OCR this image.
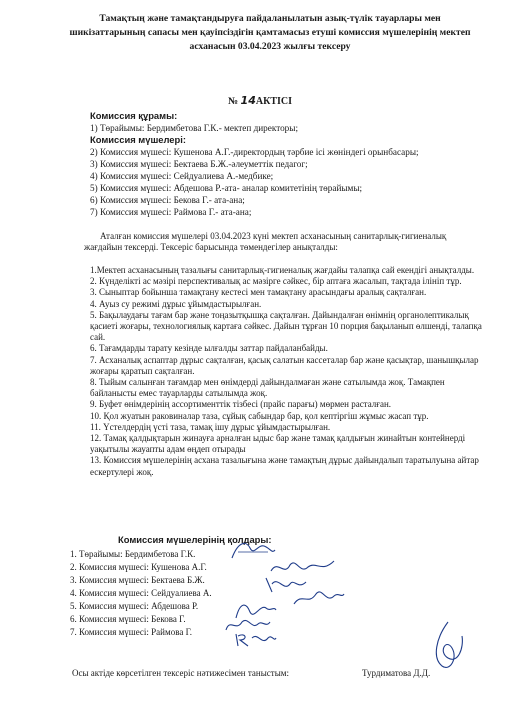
Тамақтың және тамақтандыруға пайдаланылатын азық-түлік тауарлары мен
шикізаттарының сапасы мен қауіпсіздігін қамтамасыз етуші комиссия мүшелерінің мектеп
асханасын 03.04.2023 жылғы тексеру
№ 14АКТІСІ
Комиссия құрамы:
1) Төрайымы: Бердимбетова Г.К.- мектеп директоры;
Комиссия мүшелері:
2) Комиссия мүшесі: Кушенова А.Г.-директордың тәрбие ісі жөніндегі орынбасары;
3) Комиссия мүшесі: Бектаева Б.Ж.-әлеуметтік педагог;
4) Комиссия мүшесі: Сейдуалиева А.-медбике;
5) Комиссия мүшесі: Абдешова Р.-ата- аналар комитетінің төрайымы;
6) Комиссия мүшесі: Бекова Г.- ата-ана;
7) Комиссия мүшесі: Раймова Г.- ата-ана;
Аталған комиссия мүшелері 03.04.2023 күні мектеп асханасының санитарлық-гигиеналық
жағдайын тексерді. Тексеріс барысында төмендегілер анықталды:

1.Мектеп асханасының тазалығы санитарлық-гигиеналық жағдайы талапқа сай екендігі анықталды.

2. Күнделікті ас мәзірі перспективалық ас мәзірге сәйкес, бір аптаға жасалып, тақтада ілініп тұр.

3. Сыныптар бойынша тамақтану кестесі мен тамақтану арасындағы аралық сақталған.

4. Ауыз су режимі дұрыс ұйымдастырылған.

5. Бақылаудағы тағам бар және тоңазытқышқа сақталған. Дайындалған өнімнің органолептикалық қасиеті жоғары, технологиялық картаға сәйкес. Дайын тұрған 10 порция бақыланып өлшенді, талапқа сай.

6. Тағамдарды тарату кезінде ылғалды заттар пайдаланбайды.

7. Асханалық аспаптар дұрыс сақталған, қасық салатын кассеталар бар және қасықтар, шанышқылар жоғары қаратып сақталған.

8. Тыйым салынған тағамдар мен өнімдерді дайындалмаған және сатылымда жоқ. Тамақпен байланысты емес тауарларды сатылымда жоқ.

9. Буфет өнімдерінің ассортименттік тізбесі (прайс парағы) мөрмен расталған.

10. Қол жуатын раковиналар таза, сұйық сабындар бар, қол кептіргіш жұмыс жасап тұр.

11. Үстелдердің үсті таза, тамақ ішу дұрыс ұйымдастырылған.

12. Тамақ қалдықтарын жинауға арналған ыдыс бар және тамақ қалдығын жинайтын контейнерді уақытылы жауапты адам өңдеп отырады

13. Комиссия мүшелерінің асхана тазалығына және тамақтың дұрыс дайындалып таратылуына айтар ескертулері жоқ.

Комиссия мүшелерінің қолдары:
1. Төрайымы: Бердимбетова Г.К.
2. Комиссия мүшесі: Кушенова А.Г.
3. Комиссия мүшесі: Бектаева Б.Ж.
4. Комиссия мүшесі: Сейдуалиева А.
5. Комиссия мүшесі: Абдешова Р.
6. Комиссия мүшесі: Бекова Г.
7. Комиссия мүшесі: Раймова Г.
Осы актіде көрсетілген тексеріс нәтижесімен таныстым:	Турдиматова Д.Д.
